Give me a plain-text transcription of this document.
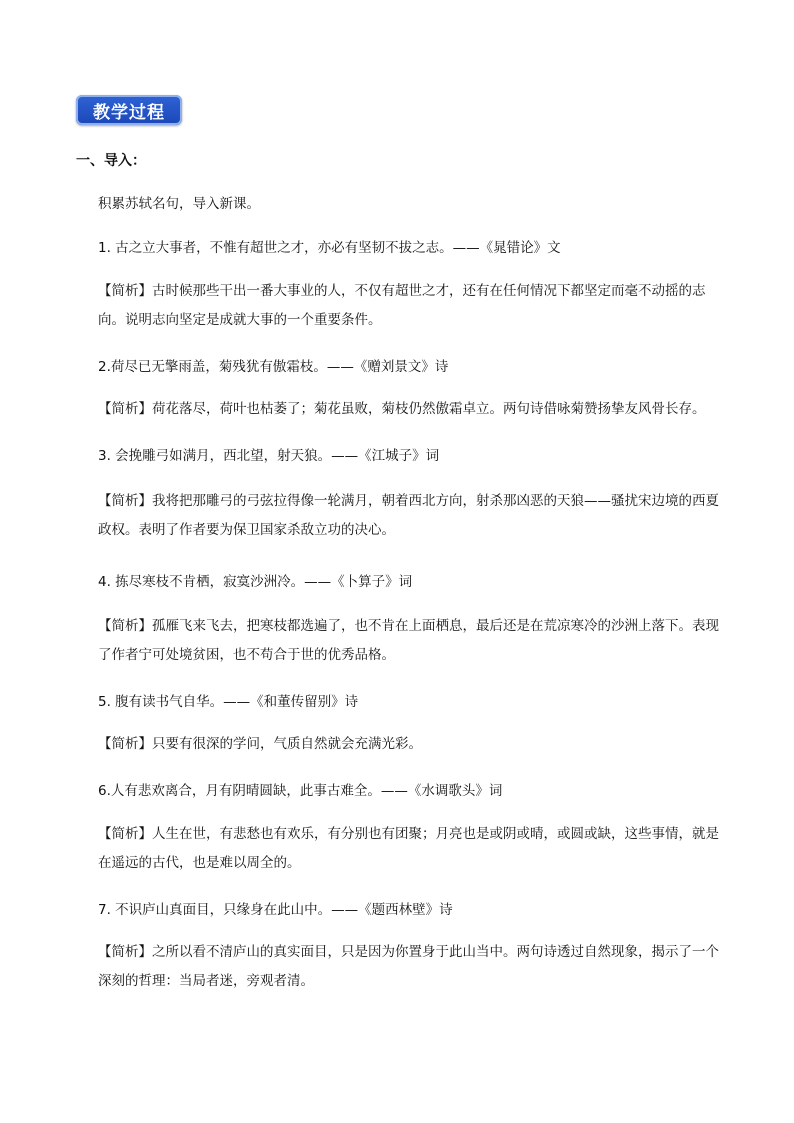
教学过程
一、导入：
积累苏轼名句，导入新课。
1. 古之立大事者，不惟有超世之才，亦必有坚韧不拔之志。——《晁错论》文
【简析】古时候那些干出一番大事业的人，不仅有超世之才，还有在任何情况下都坚定而毫不动摇的志向。说明志向坚定是成就大事的一个重要条件。
2.荷尽已无擎雨盖，菊残犹有傲霜枝。——《赠刘景文》诗
【简析】荷花落尽，荷叶也枯萎了；菊花虽败，菊枝仍然傲霜卓立。两句诗借咏菊赞扬挚友风骨长存。
3. 会挽雕弓如满月，西北望，射天狼。——《江城子》词
【简析】我将把那雕弓的弓弦拉得像一轮满月，朝着西北方向，射杀那凶恶的天狼——骚扰宋边境的西夏政权。表明了作者要为保卫国家杀敌立功的决心。
4. 拣尽寒枝不肯栖，寂寞沙洲冷。——《卜算子》词
【简析】孤雁飞来飞去，把寒枝都选遍了，也不肯在上面栖息，最后还是在荒凉寒冷的沙洲上落下。表现了作者宁可处境贫困，也不苟合于世的优秀品格。
5. 腹有读书气自华。——《和董传留别》诗
【简析】只要有很深的学问，气质自然就会充满光彩。
6.人有悲欢离合，月有阴晴圆缺，此事古难全。——《水调歌头》词
【简析】人生在世，有悲愁也有欢乐，有分别也有团聚；月亮也是或阴或晴，或圆或缺，这些事情，就是在遥远的古代，也是难以周全的。
7. 不识庐山真面目，只缘身在此山中。——《题西林壁》诗
【简析】之所以看不清庐山的真实面目，只是因为你置身于此山当中。两句诗透过自然现象，揭示了一个深刻的哲理：当局者迷，旁观者清。
